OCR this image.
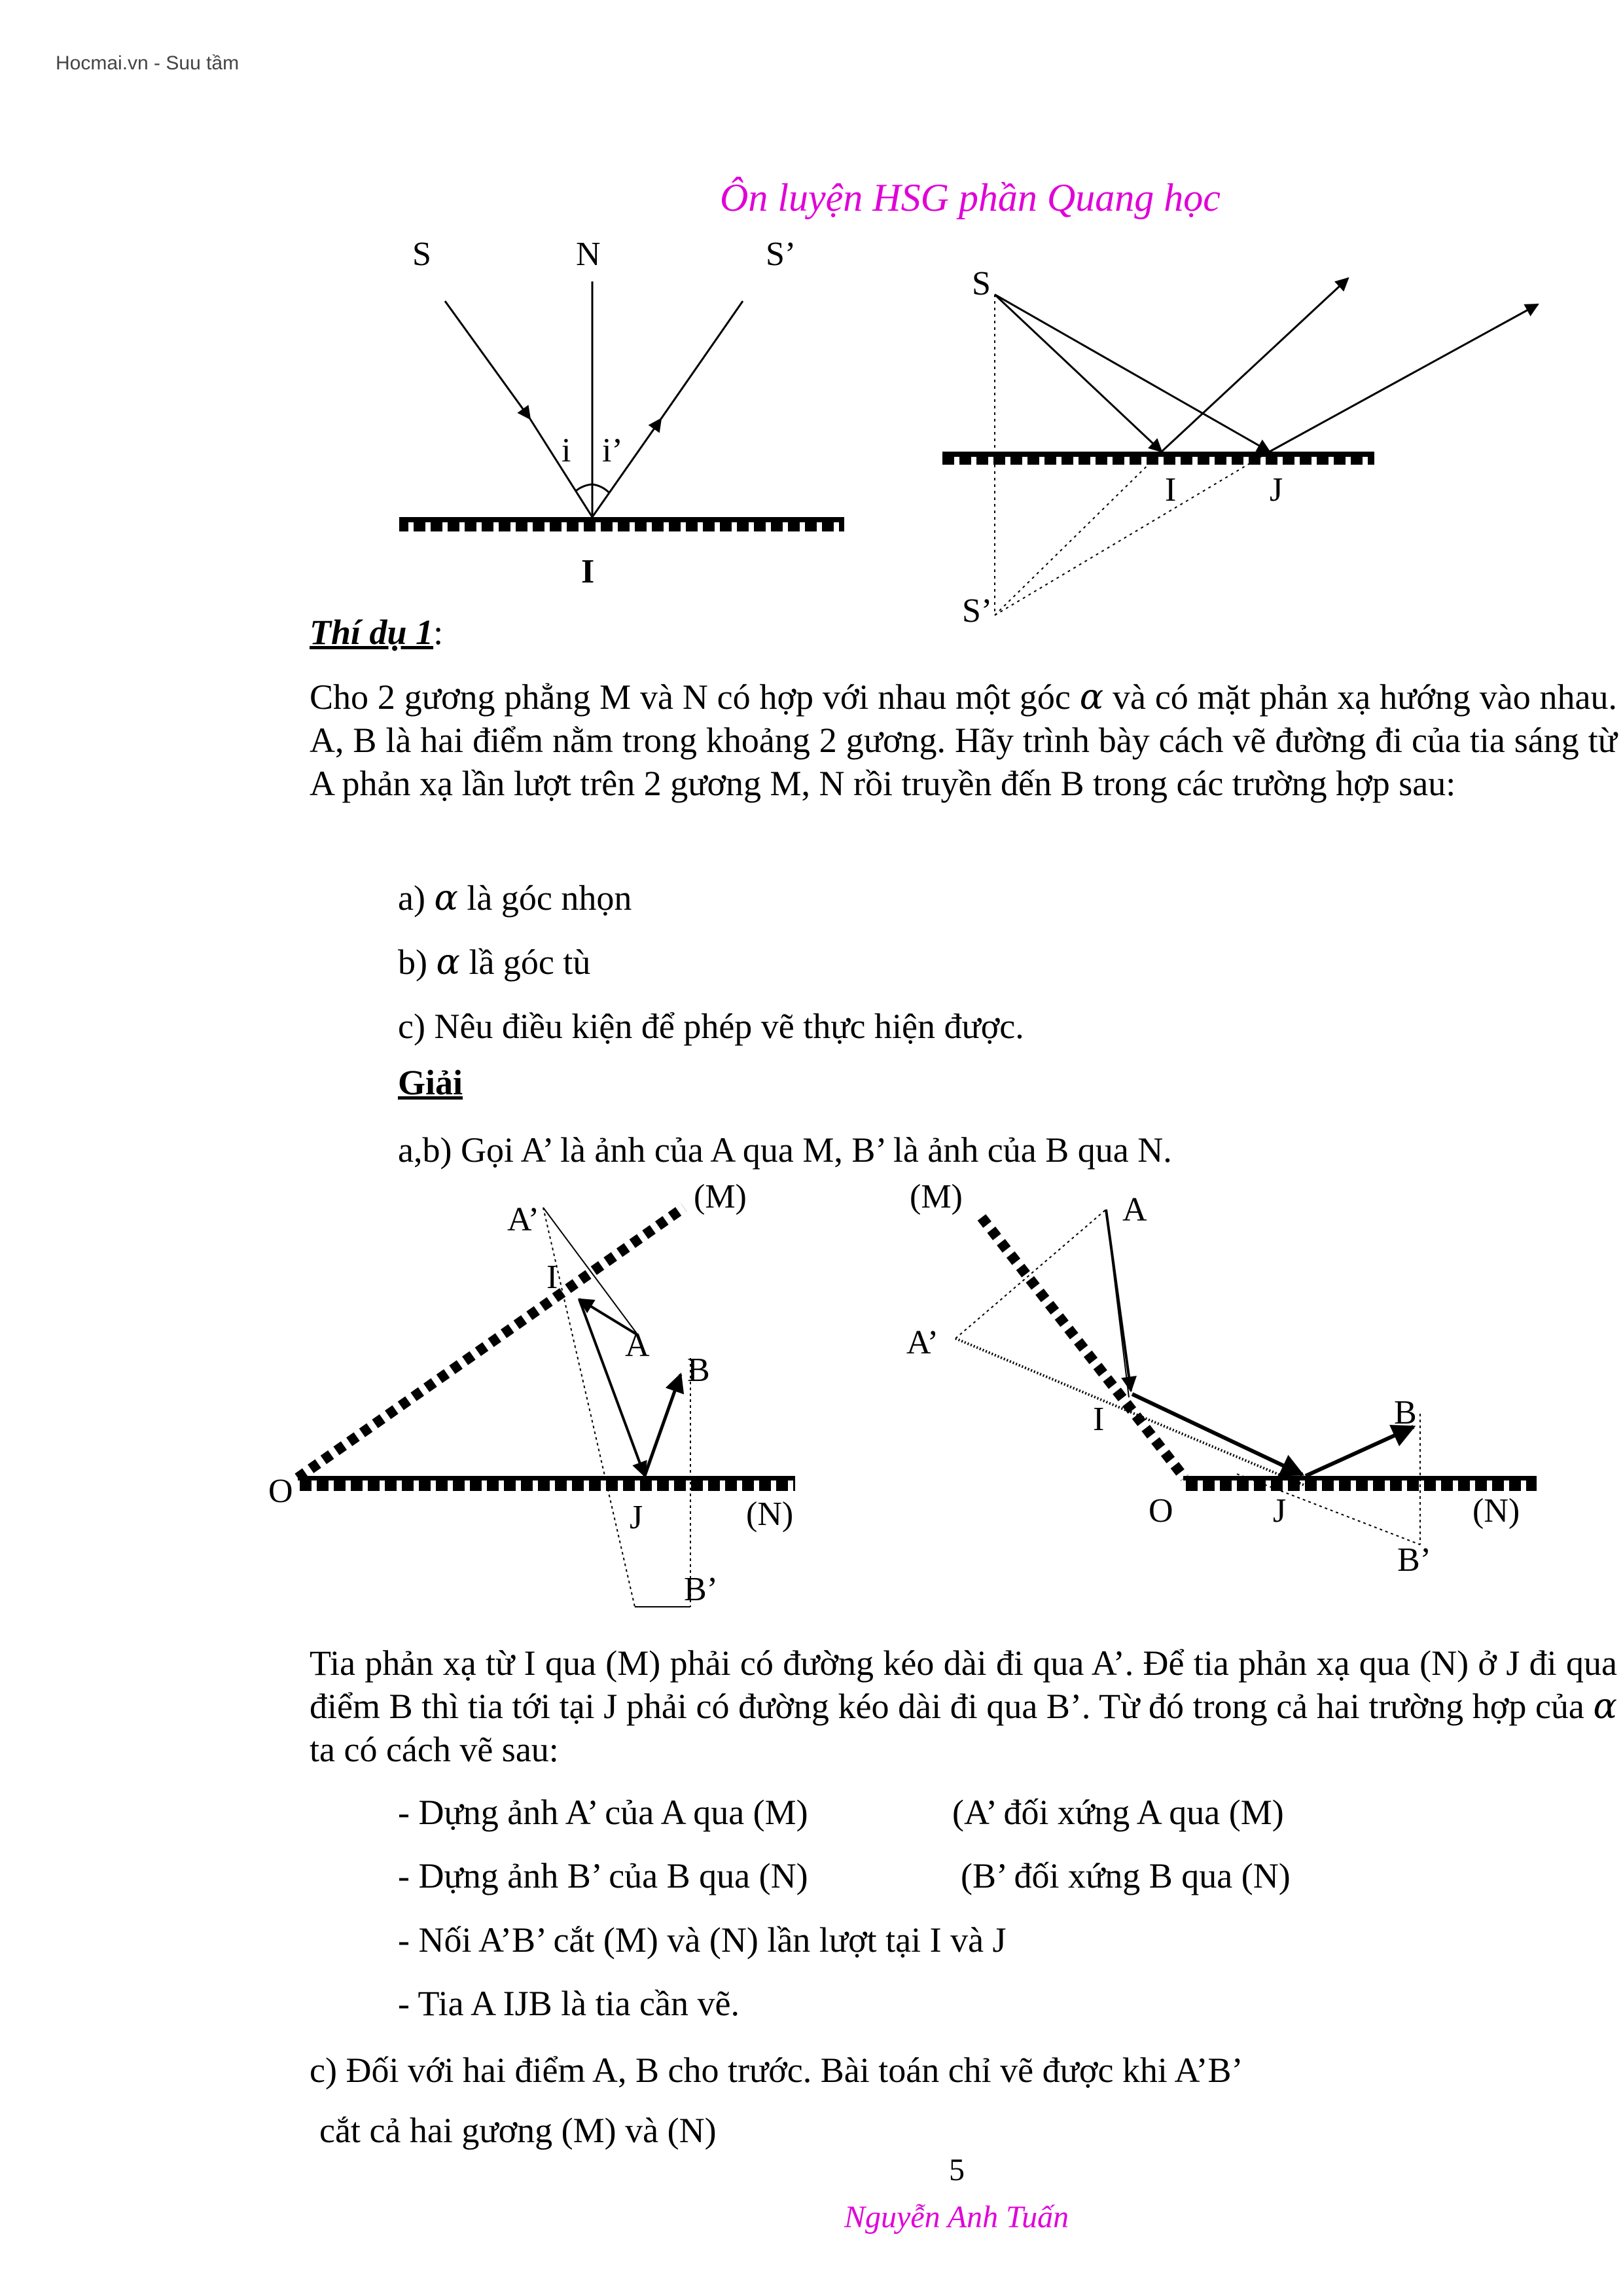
Hocmai.vn - Suu tầm
Ôn luyện HSG phần Quang học
S	N	S’
i i’
I
S
S’
I	J
Thí dụ 1:
Cho 2 gương phẳng M và N có hợp với nhau một góc α và có mặt phản xạ hướng vào nhau. A, B là hai điểm nằm trong khoảng 2 gương. Hãy trình bày cách vẽ đường đi của tia sáng từ A phản xạ lần lượt trên 2 gương M, N rồi truyền đến B trong các trường hợp sau:
a) α là góc nhọn
b) α lầ góc tù
c) Nêu điều kiện để phép vẽ thực hiện được.
Giải
a,b) Gọi A’ là ảnh của A qua M, B’ là ảnh của B qua N.
A’
(M)
I
A
B
O
J	(N)
B’
(M)	A
A’
I	B
O	J	(N)
B’
Tia phản xạ từ I qua (M) phải có đường kéo dài đi qua A’. Để tia phản xạ qua (N) ở J đi qua điểm B thì tia tới tại J phải có đường kéo dài đi qua B’. Từ đó trong cả hai trường hợp của α ta có cách vẽ sau:
- Dựng ảnh A’ của A qua (M)	(A’ đối xứng A qua (M)
- Dựng ảnh B’ của B qua (N)	(B’ đối xứng B qua (N)
- Nối A’B’ cắt (M) và (N) lần lượt tại I và J
- Tia A IJB là tia cần vẽ.
c) Đối với hai điểm A, B cho trước. Bài toán chỉ vẽ được khi A’B’
cắt cả hai gương (M) và (N)
5
Nguyễn Anh Tuấn
